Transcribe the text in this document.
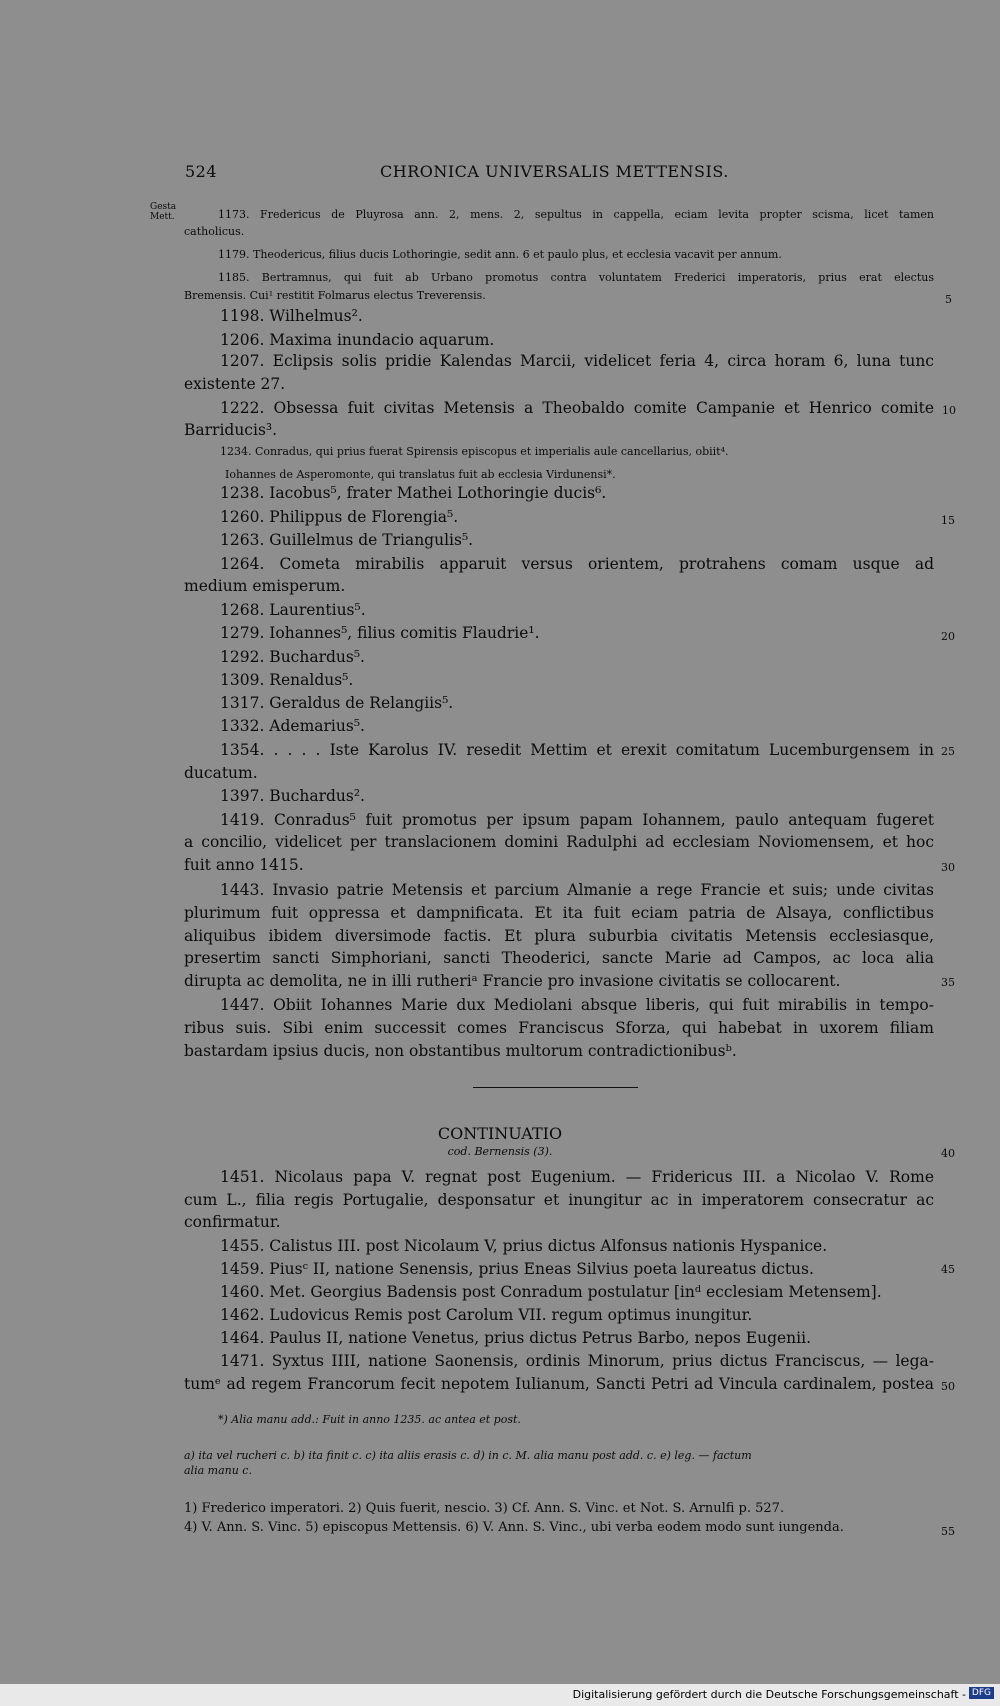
524	CHRONICA UNIVERSALIS METTENSIS.
Gesta Mett.	1173. Fredericus de Pluyrosa ann. 2, mens. 2, sepultus in cappella, eciam levita propter scisma, licet tamen
catholicus.
1179. Theodericus, filius ducis Lothoringie, sedit ann. 6 et paulo plus, et ecclesia vacavit per annum.
1185. Bertramnus, qui fuit ab Urbano promotus contra voluntatem Frederici imperatoris, prius erat electus
Bremensis. Cui¹ restitit Folmarus electus Treverensis.
1198. Wilhelmus².
1206. Maxima inundacio aquarum.
1207. Eclipsis solis pridie Kalendas Marcii, videlicet feria 4, circa horam 6, luna tunc
existente 27.
1222. Obsessa fuit civitas Metensis a Theobaldo comite Campanie et Henrico comite
Barriducis³.
1234. Conradus, qui prius fuerat Spirensis episcopus et imperialis aule cancellarius, obiit⁴.
Iohannes de Asperomonte, qui translatus fuit ab ecclesia Virdunensi*.
1238. Iacobus⁵, frater Mathei Lothoringie ducis⁶.
1260. Philippus de Florengia⁵.
1263. Guillelmus de Triangulis⁵.
1264. Cometa mirabilis apparuit versus orientem, protrahens comam usque ad
medium emisperum.
1268. Laurentius⁵.
1279. Iohannes⁵, filius comitis Flaudrie¹.
1292. Buchardus⁵.
1309. Renaldus⁵.
1317. Geraldus de Relangiis⁵.
1332. Ademarius⁵.
1354. . . . . Iste Karolus IV. resedit Mettim et erexit comitatum Lucemburgensem in
ducatum.
1397. Buchardus².
1419. Conradus⁵ fuit promotus per ipsum papam Iohannem, paulo antequam fugeret
a concilio, videlicet per translacionem domini Radulphi ad ecclesiam Noviomensem, et hoc
fuit anno 1415.
1443. Invasio patrie Metensis et parcium Almanie a rege Francie et suis; unde civitas
plurimum fuit oppressa et dampnificata. Et ita fuit eciam patria de Alsaya, conflictibus
aliquibus ibidem diversimode factis. Et plura suburbia civitatis Metensis ecclesiasque,
presertim sancti Simphoriani, sancti Theoderici, sancte Marie ad Campos, ac loca alia
dirupta ac demolita, ne in illi rutheriᵃ Francie pro invasione civitatis se collocarent.
1447. Obiit Iohannes Marie dux Mediolani absque liberis, qui fuit mirabilis in tempo-
ribus suis. Sibi enim successit comes Franciscus Sforza, qui habebat in uxorem filiam
bastardam ipsius ducis, non obstantibus multorum contradictionibusᵇ.
CONTINUATIO
cod. Bernensis (3).
1451. Nicolaus papa V. regnat post Eugenium. — Fridericus III. a Nicolao V. Rome
cum L., filia regis Portugalie, desponsatur et inungitur ac in imperatorem consecratur ac
confirmatur.
1455. Calistus III. post Nicolaum V, prius dictus Alfonsus nationis Hyspanice.
1459. Piusᶜ II, natione Senensis, prius Eneas Silvius poeta laureatus dictus.
1460. Met. Georgius Badensis post Conradum postulatur [inᵈ ecclesiam Metensem].
1462. Ludovicus Remis post Carolum VII. regum optimus inungitur.
1464. Paulus II, natione Venetus, prius dictus Petrus Barbo, nepos Eugenii.
1471. Syxtus IIII, natione Saonensis, ordinis Minorum, prius dictus Franciscus, — lega-
tumᵉ ad regem Francorum fecit nepotem Iulianum, Sancti Petri ad Vincula cardinalem, postea
*) Alia manu add.: Fuit in anno 1235. ac antea et post.
a) ita vel rucheri c. b) ita finit c. c) ita aliis erasis c. d) in c. M. alia manu post add. c. e) leg. — factum
alia manu c.
1) Frederico imperatori. 2) Quis fuerit, nescio. 3) Cf. Ann. S. Vinc. et Not. S. Arnulfi p. 527.
4) V. Ann. S. Vinc. 5) episcopus Mettensis. 6) V. Ann. S. Vinc., ubi verba eodem modo sunt iungenda.
5
10
15
20
25
30
35
40
45
50
55
Digitalisierung gefördert durch die Deutsche Forschungsgemeinschaft - DFG
